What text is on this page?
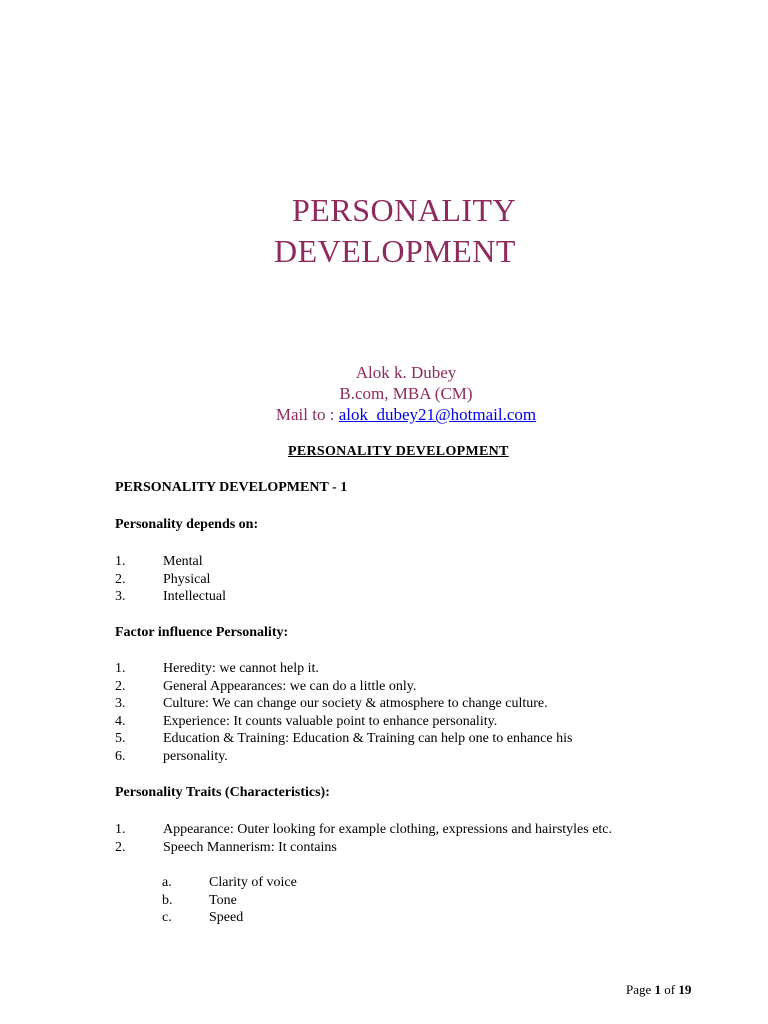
PERSONALITY
DEVELOPMENT
Alok k. Dubey
B.com, MBA (CM)
Mail to : alok_dubey21@hotmail.com
PERSONALITY DEVELOPMENT
PERSONALITY DEVELOPMENT - 1
Personality depends on:
1.	Mental
2.	Physical
3.	Intellectual
Factor influence Personality:
1.	Heredity: we cannot help it.
2.	General Appearances: we can do a little only.
3.	Culture: We can change our society & atmosphere to change culture.
4.	Experience: It counts valuable point to enhance personality.
5.	Education & Training: Education & Training can help one to enhance his
6.	personality.
Personality Traits (Characteristics):
1.	Appearance: Outer looking for example clothing, expressions and hairstyles etc.
2.	Speech Mannerism: It contains
a.	Clarity of voice
b.	Tone
c.	Speed
Page 1 of 19
